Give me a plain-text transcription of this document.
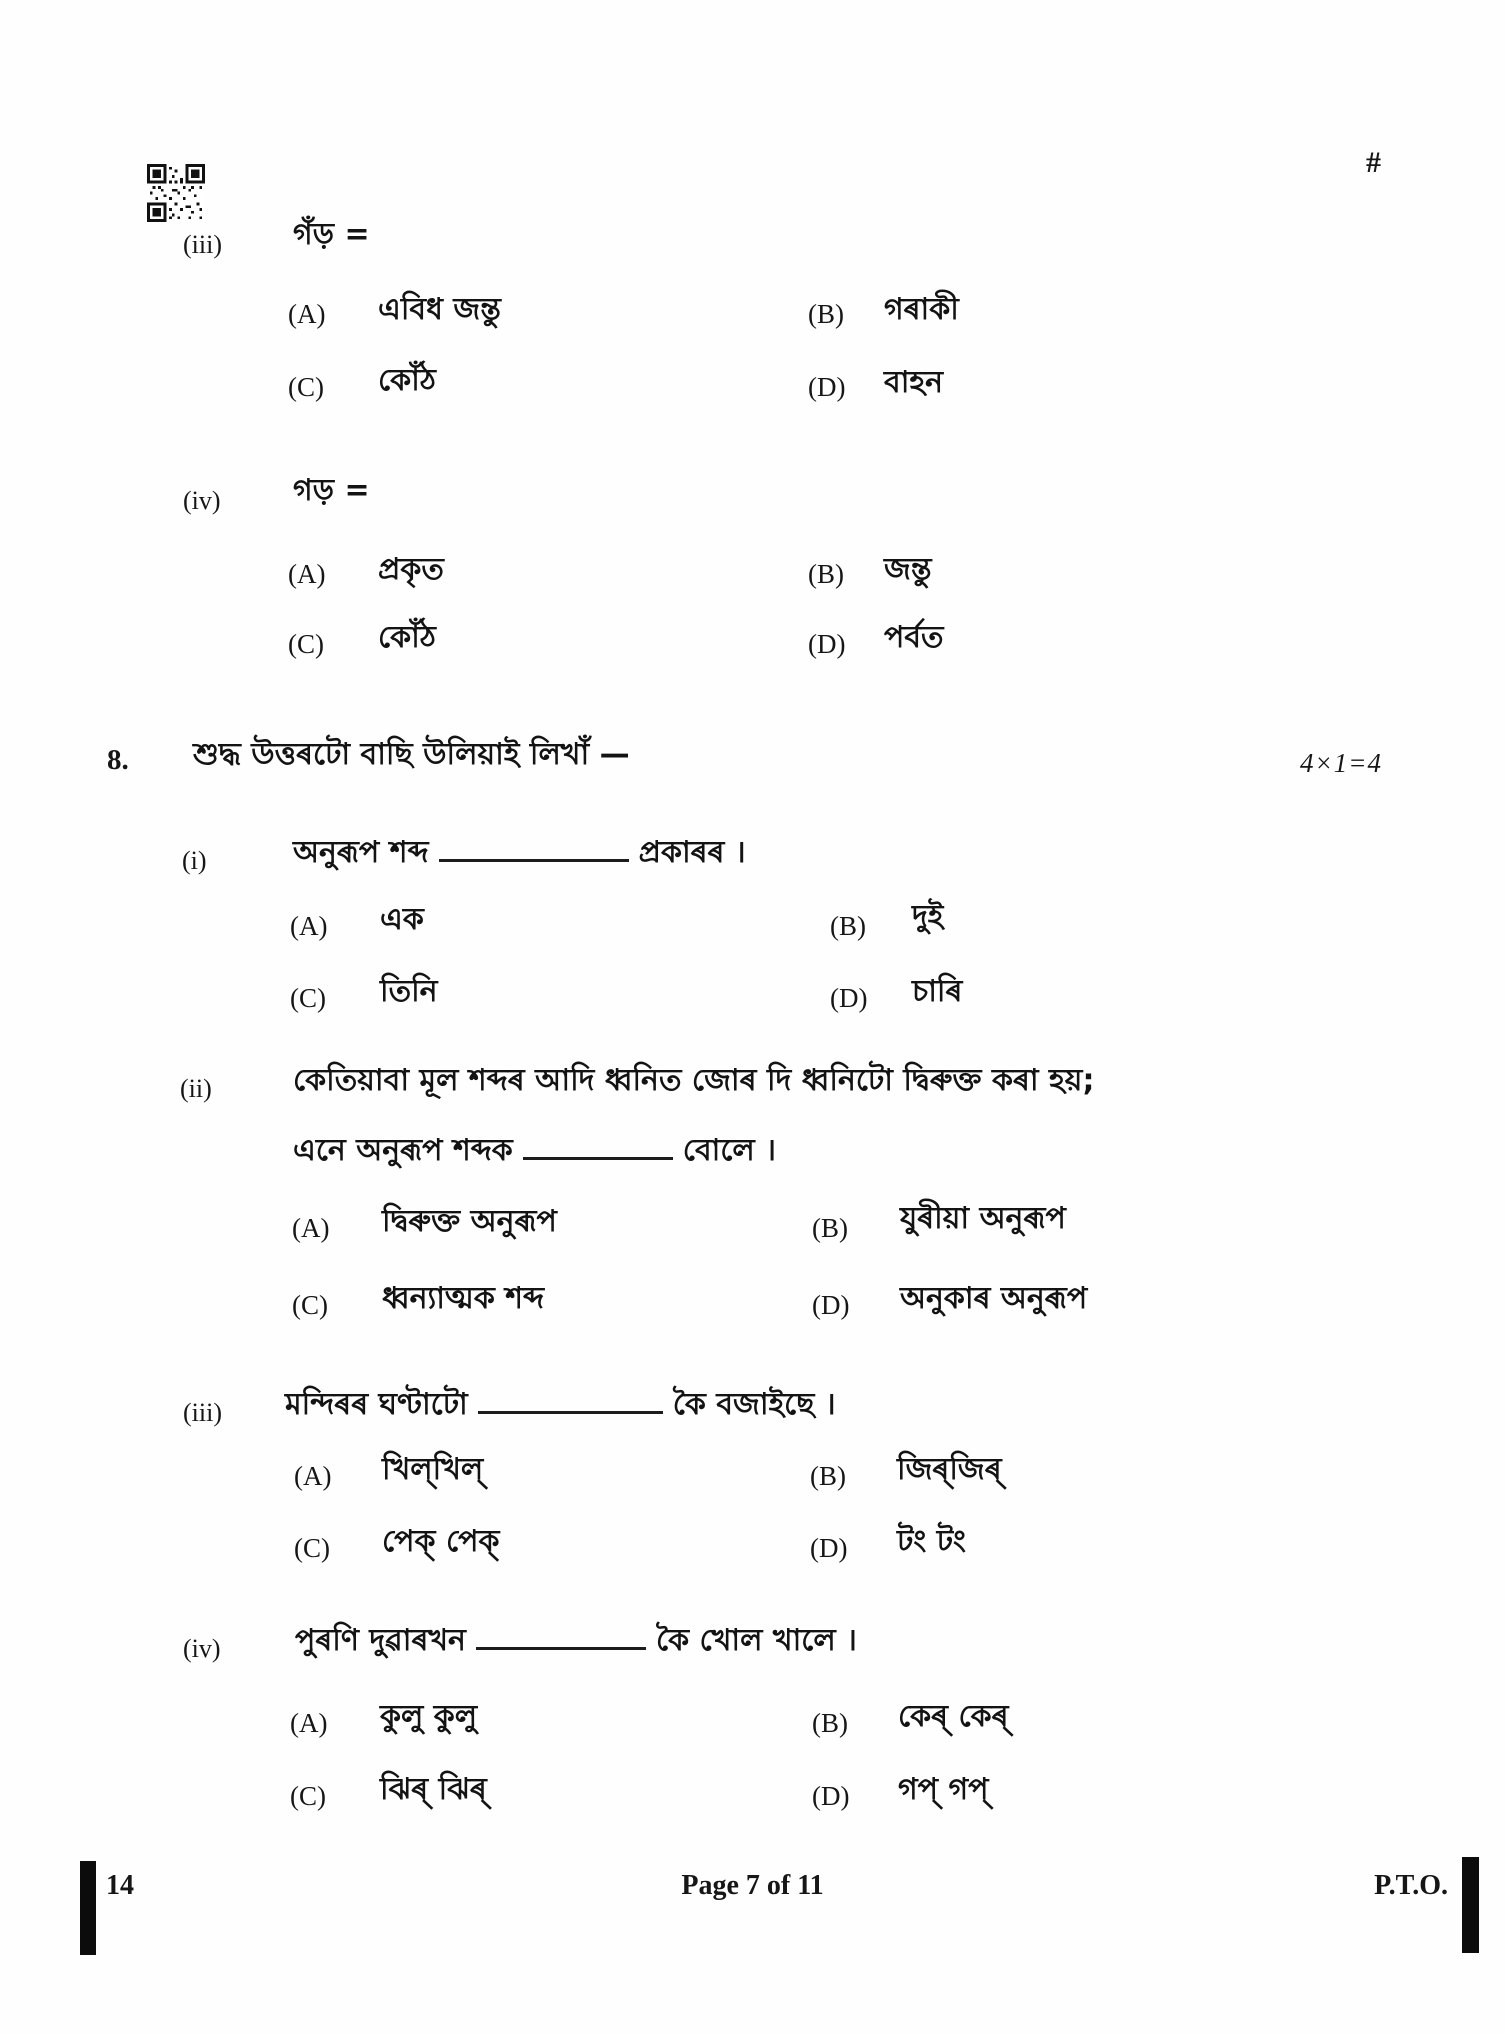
#
(iii) গঁড় =
(A) এবিধ জন্তু	(B) গৰাকী
(C) কোঁঠ	(D) বাহন
(iv) গড় =
(A) প্ৰকৃত	(B) জন্তু
(C) কোঁঠ	(D) পৰ্বত
8. শুদ্ধ উত্তৰটো বাছি উলিয়াই লিখাঁ —	4×1=4
(i)	অনুৰূপ শব্দ	প্ৰকাৰৰ ।
(A) এক	(B) দুই
(C) তিনি	(D) চাৰি
(ii)	কেতিয়াবা মূল শব্দৰ আদি ধ্বনিত জোৰ দি ধ্বনিটো দ্বিৰুক্ত কৰা হয়;
এনে অনুৰূপ শব্দক	বোলে ।
(A) দ্বিৰুক্ত অনুৰূপ	(B) যুৰীয়া অনুৰূপ
(C) ধ্বন্যাত্মক শব্দ	(D) অনুকাৰ অনুৰূপ
(iii) মন্দিৰৰ ঘণ্টাটো	কৈ বজাইছে ।
(A) খিল্‌খিল্	(B) জিৰ্‌জিৰ্
(C) পেক্ পেক্	(D) টং টং
(iv) পুৰণি দুৱাৰখন	কৈ খোল খালে ।
(A) কুলু কুলু	(B) কেৰ্ কেৰ্
(C) ঝিৰ্ ঝিৰ্	(D) গপ্ গপ্
14	Page 7 of 11	P.T.O.
